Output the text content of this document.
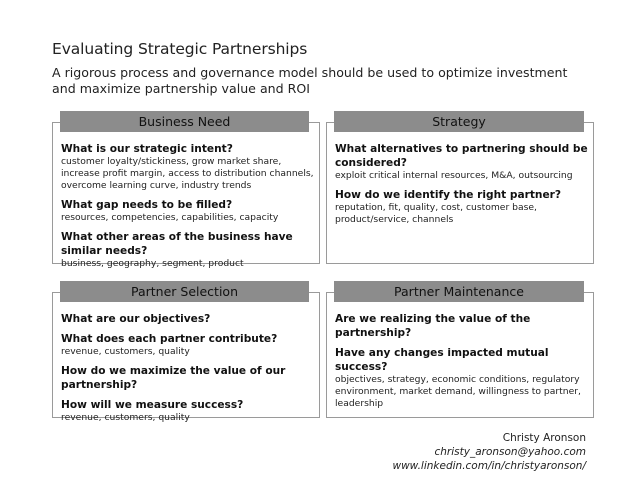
Evaluating Strategic Partnerships
A rigorous process and governance model should be used to optimize investment and maximize partnership value and ROI
Business Need
What is our strategic intent?
customer loyalty/stickiness, grow market share, increase profit margin, access to distribution channels, overcome learning curve, industry trends
What gap needs to be filled?
resources, competencies, capabilities, capacity
What other areas of the business have similar needs?
business, geography, segment, product
Strategy
What alternatives to partnering should be considered?
exploit critical internal resources, M&A, outsourcing
How do we identify the right partner?
reputation, fit, quality, cost, customer base, product/service, channels
Partner Selection
What are our objectives?
What does each partner contribute?
revenue, customers, quality
How do we maximize the value of our partnership?
How will we measure success?
revenue, customers, quality
Partner Maintenance
Are we realizing the value of the partnership?
Have any changes impacted mutual success?
objectives, strategy, economic conditions, regulatory environment, market demand, willingness to partner, leadership
Christy Aronson
christy_aronson@yahoo.com
www.linkedin.com/in/christyaronson/
